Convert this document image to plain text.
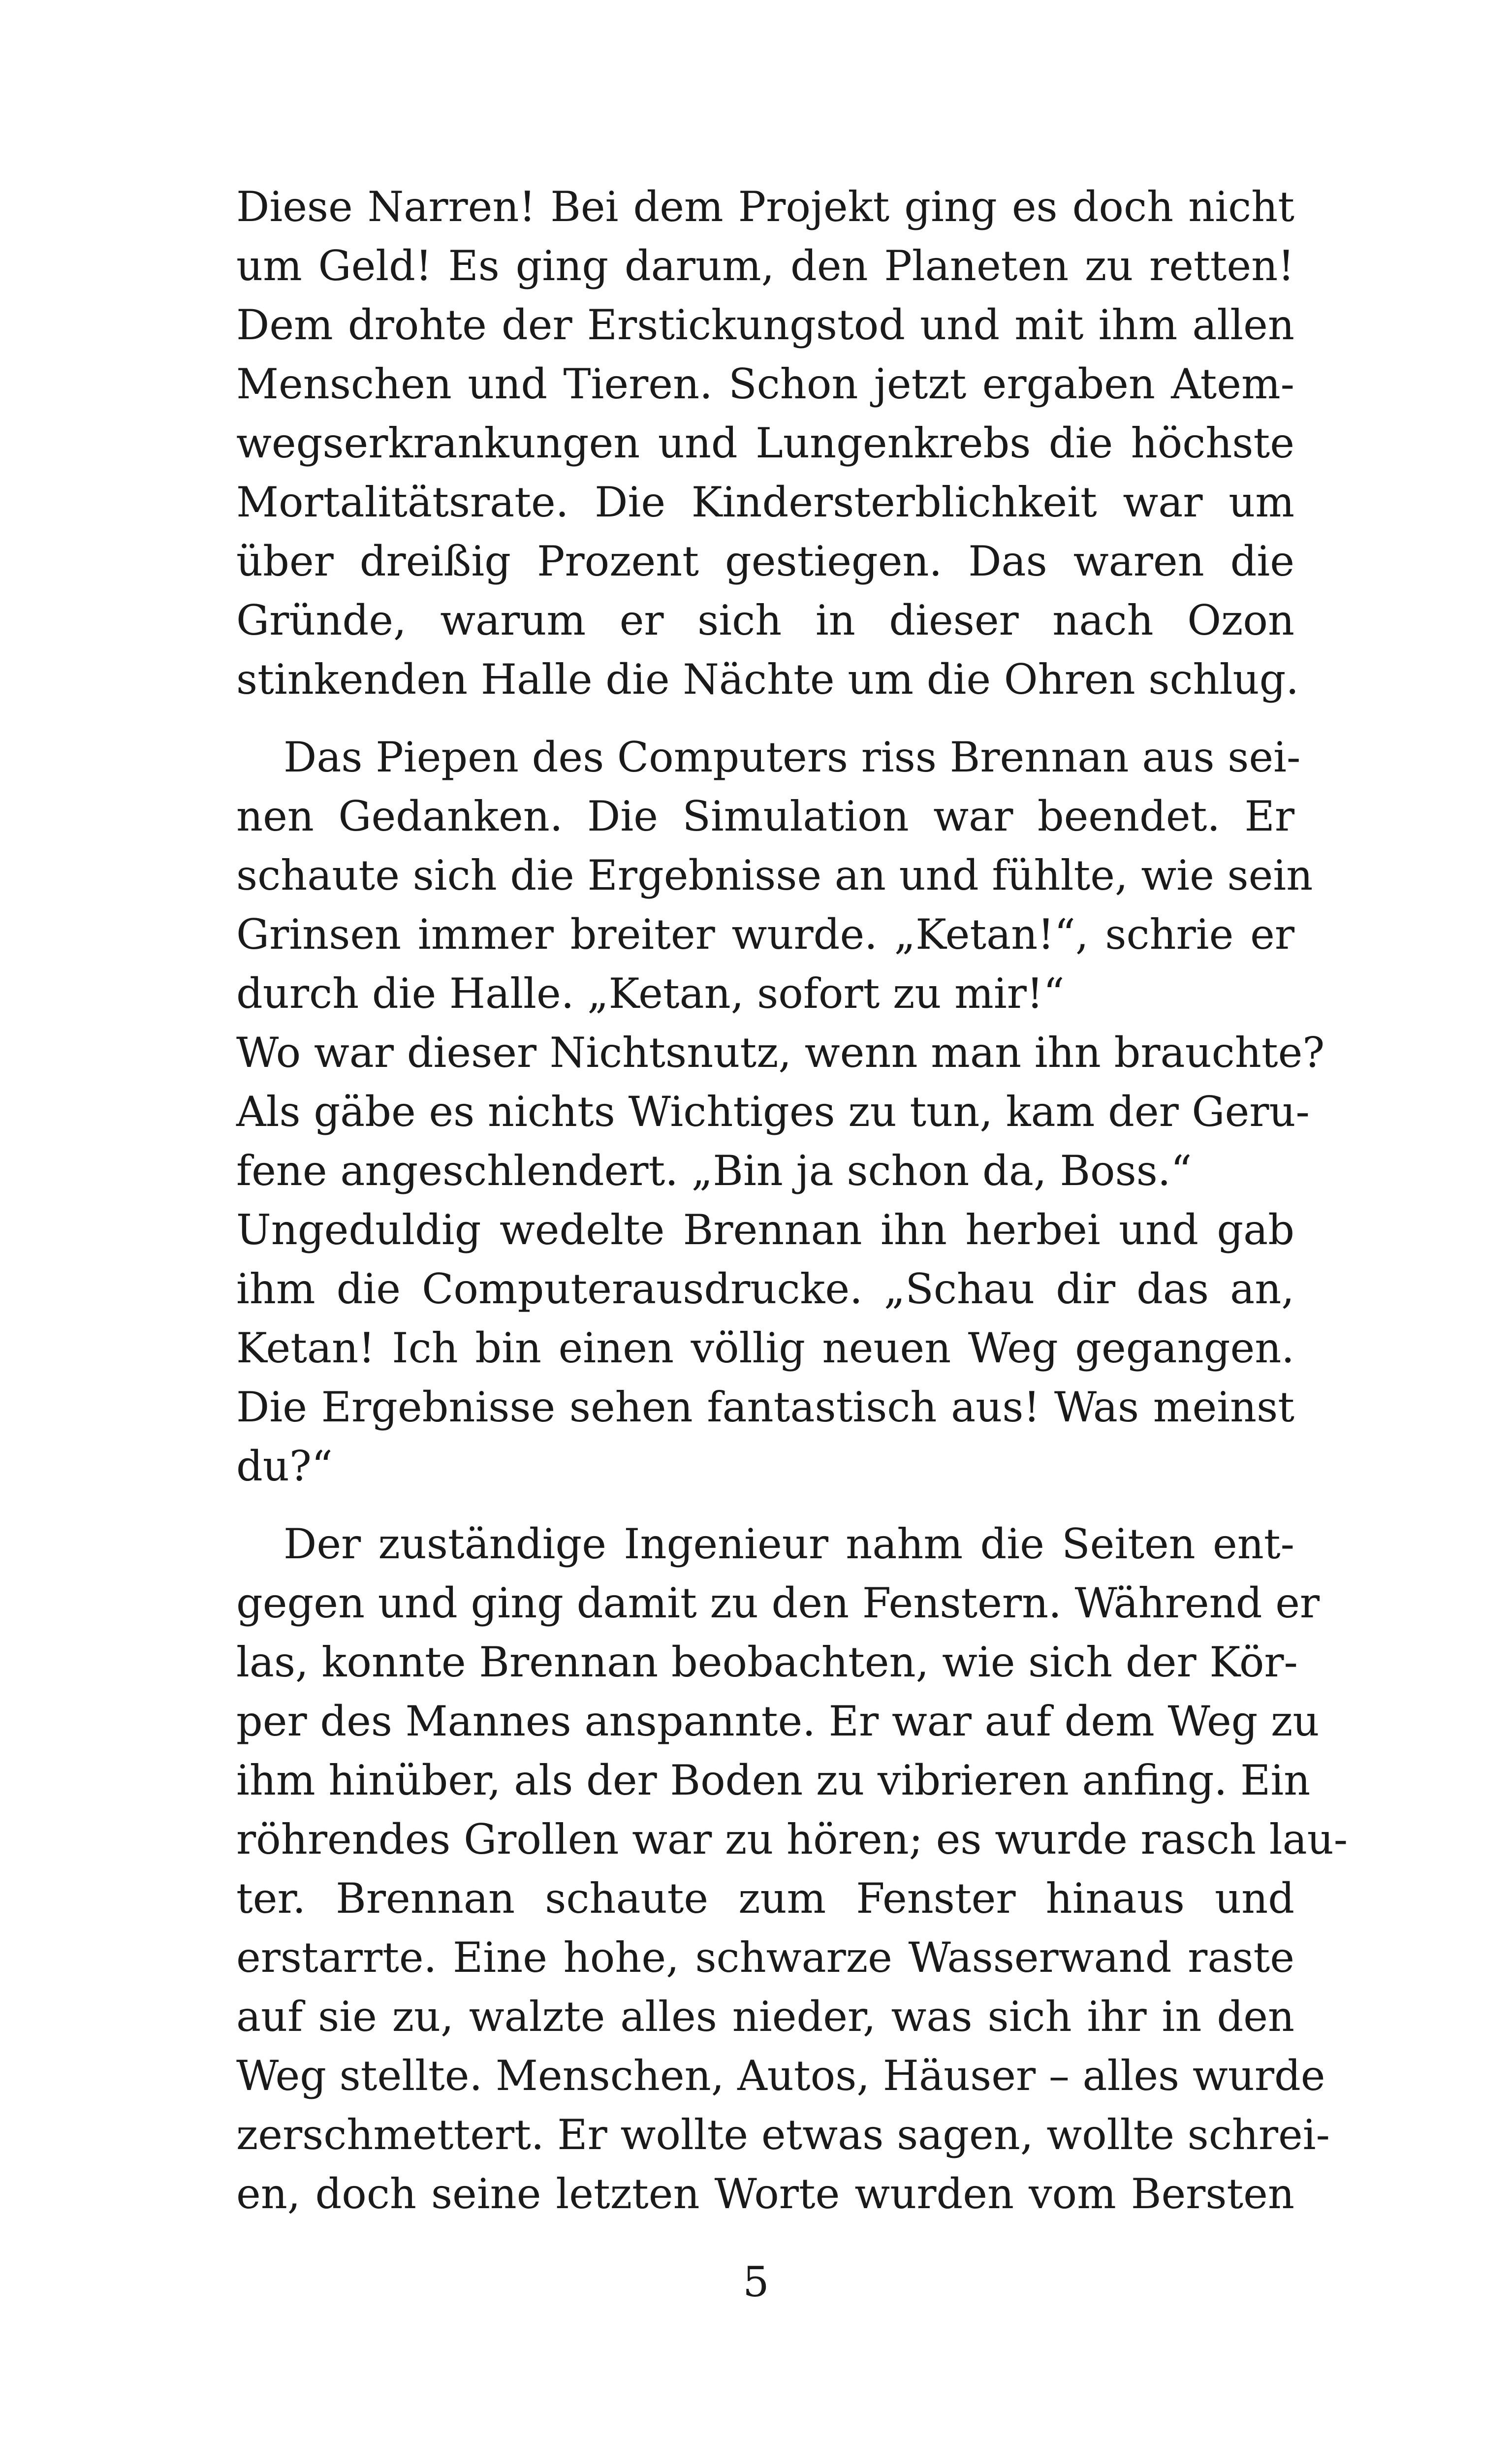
Diese Narren! Bei dem Projekt ging es doch nicht
um Geld! Es ging darum, den Planeten zu retten!
Dem drohte der Erstickungstod und mit ihm allen
Menschen und Tieren. Schon jetzt ergaben Atem-
wegserkrankungen und Lungenkrebs die höchste
Mortalitätsrate. Die Kindersterblichkeit war um
über dreißig Prozent gestiegen. Das waren die
Gründe, warum er sich in dieser nach Ozon
stinkenden Halle die Nächte um die Ohren schlug.
Das Piepen des Computers riss Brennan aus sei-
nen Gedanken. Die Simulation war beendet. Er
schaute sich die Ergebnisse an und fühlte, wie sein
Grinsen immer breiter wurde. „Ketan!“, schrie er
durch die Halle. „Ketan, sofort zu mir!“
Wo war dieser Nichtsnutz, wenn man ihn brauchte?
Als gäbe es nichts Wichtiges zu tun, kam der Geru-
fene angeschlendert. „Bin ja schon da, Boss.“
Ungeduldig wedelte Brennan ihn herbei und gab
ihm die Computerausdrucke. „Schau dir das an,
Ketan! Ich bin einen völlig neuen Weg gegangen.
Die Ergebnisse sehen fantastisch aus! Was meinst
du?“
Der zuständige Ingenieur nahm die Seiten ent-
gegen und ging damit zu den Fenstern. Während er
las, konnte Brennan beobachten, wie sich der Kör-
per des Mannes anspannte. Er war auf dem Weg zu
ihm hinüber, als der Boden zu vibrieren anfing. Ein
röhrendes Grollen war zu hören; es wurde rasch lau-
ter. Brennan schaute zum Fenster hinaus und
erstarrte. Eine hohe, schwarze Wasserwand raste
auf sie zu, walzte alles nieder, was sich ihr in den
Weg stellte. Menschen, Autos, Häuser – alles wurde
zerschmettert. Er wollte etwas sagen, wollte schrei-
en, doch seine letzten Worte wurden vom Bersten
5
